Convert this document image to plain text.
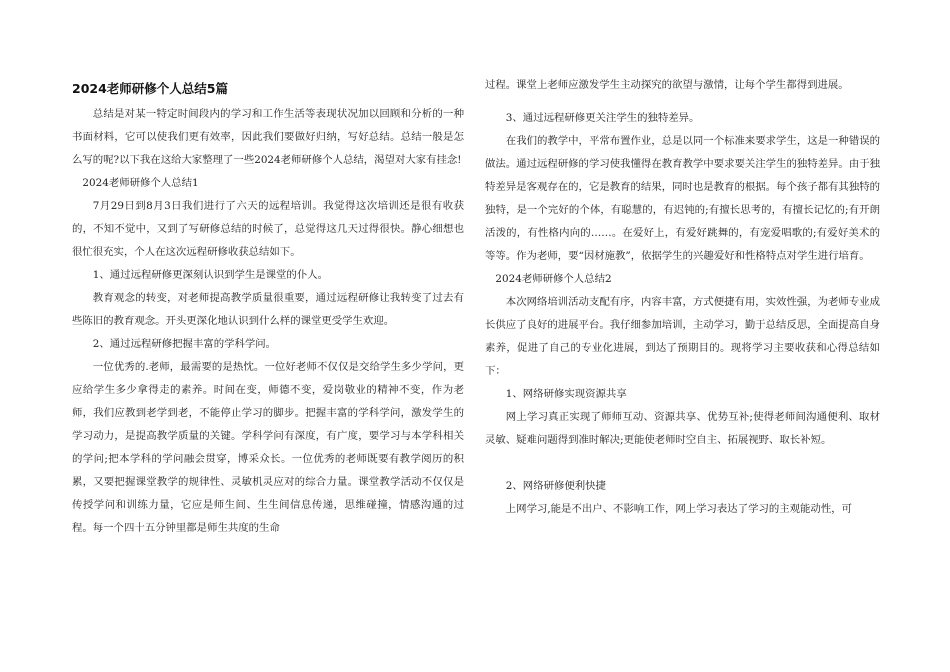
2024老师研修个人总结5篇

总结是对某一特定时间段内的学习和工作生活等表现状况加以回顾和分析的一种书面材料，它可以使我们更有效率，因此我们要做好归纳，写好总结。总结一般是怎么写的呢?以下我在这给大家整理了一些2024老师研修个人总结，渴望对大家有挂念!

2024老师研修个人总结1

7月29日到8月3日我们进行了六天的远程培训。我觉得这次培训还是很有收获的，不知不觉中，又到了写研修总结的时候了，总觉得这几天过得很快。静心细想也很忙很充实，个人在这次远程研修收获总结如下。

1、通过远程研修更深刻认识到学生是课堂的仆人。

教育观念的转变，对老师提高教学质量很重要，通过远程研修让我转变了过去有些陈旧的教育观念。开头更深化地认识到什么样的课堂更受学生欢迎。

2、通过远程研修把握丰富的学科学问。

一位优秀的.老师，最需要的是热忱。一位好老师不仅仅是交给学生多少学问，更应给学生多少拿得走的素养。时间在变，师德不变，爱岗敬业的精神不变，作为老师，我们应教到老学到老，不能停止学习的脚步。把握丰富的学科学问，激发学生的学习动力，是提高教学质量的关键。学科学问有深度，有广度，要学习与本学科相关的学问;把本学科的学问融会贯穿，博采众长。一位优秀的老师既要有教学阅历的积累，又要把握课堂教学的规律性、灵敏机灵应对的综合力量。课堂教学活动不仅仅是传授学问和训练力量，它应是师生间、生生间信息传递，思维碰撞，情感沟通的过程。每一个四十五分钟里都是师生共度的生命

过程。课堂上老师应激发学生主动探究的欲望与激情，让每个学生都得到进展。

3、通过远程研修更关注学生的独特差异。

在我们的教学中，平常布置作业，总是以同一个标准来要求学生，这是一种错误的做法。通过远程研修的学习使我懂得在教育教学中要求要关注学生的独特差异。由于独特差异是客观存在的，它是教育的结果，同时也是教育的根据。每个孩子都有其独特的独特，是一个完好的个体，有聪慧的，有迟钝的;有擅长思考的，有擅长记忆的;有开朗活泼的，有性格内向的……。在爱好上，有爱好跳舞的，有宠爱唱歌的;有爱好美术的等等。作为老师，要“因材施教”，依据学生的兴趣爱好和性格特点对学生进行培育。

2024老师研修个人总结2

本次网络培训活动支配有序，内容丰富，方式便捷有用，实效性强，为老师专业成长供应了良好的进展平台。我仔细参加培训，主动学习，勤于总结反思，全面提高自身素养，促进了自己的专业化进展，到达了预期目的。现将学习主要收获和心得总结如下：

1、网络研修实现资源共享

网上学习真正实现了师师互动、资源共享、优势互补;使得老师间沟通便利、取材灵敏、疑难问题得到准时解决;更能使老师时空自主、拓展视野、取长补短。

2、网络研修便利快捷

上网学习,能是不出户、不影响工作，网上学习表达了学习的主观能动性，可
